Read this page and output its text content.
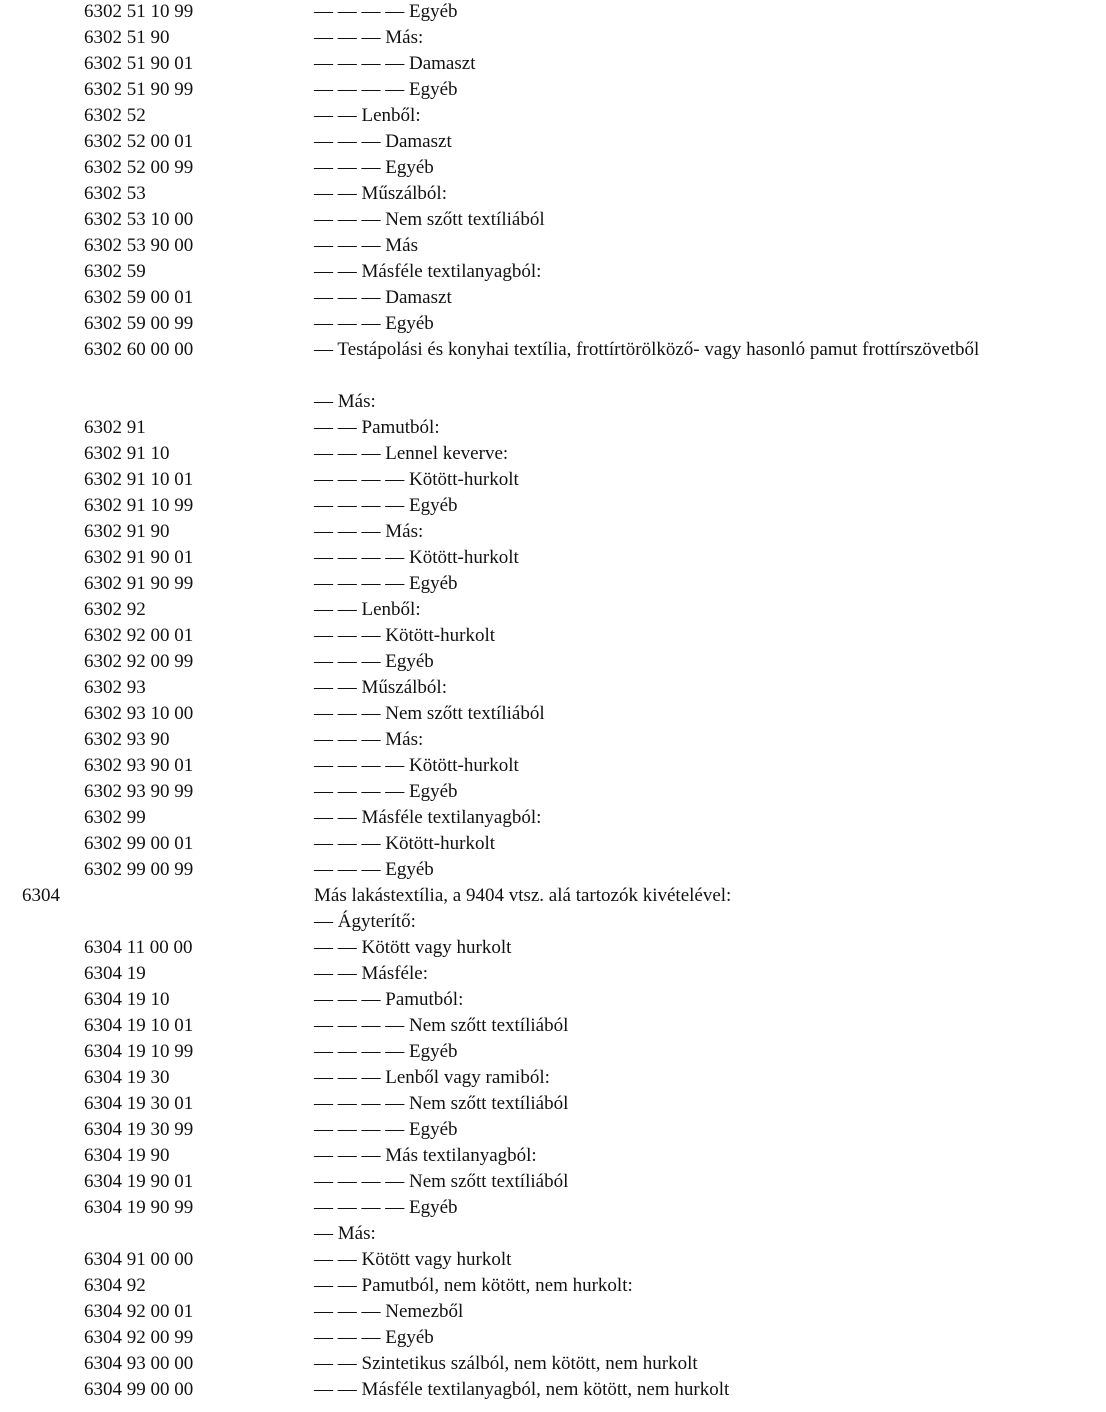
6302 51 10 99	— — — — Egyéb
6302 51 90	— — — Más:
6302 51 90 01	— — — — Damaszt
6302 51 90 99	— — — — Egyéb
6302 52	— — Lenből:
6302 52 00 01	— — — Damaszt
6302 52 00 99	— — — Egyéb
6302 53	— — Műszálból:
6302 53 10 00	— — — Nem szőtt textíliából
6302 53 90 00	— — — Más
6302 59	— — Másféle textilanyagból:
6302 59 00 01	— — — Damaszt
6302 59 00 99	— — — Egyéb
6302 60 00 00	— Testápolási és konyhai textília, frottírtörölköző- vagy hasonló pamut frottírszövetből
— Más:
6302 91	— — Pamutból:
6302 91 10	— — — Lennel keverve:
6302 91 10 01	— — — — Kötött-hurkolt
6302 91 10 99	— — — — Egyéb
6302 91 90	— — — Más:
6302 91 90 01	— — — — Kötött-hurkolt
6302 91 90 99	— — — — Egyéb
6302 92	— — Lenből:
6302 92 00 01	— — — Kötött-hurkolt
6302 92 00 99	— — — Egyéb
6302 93	— — Műszálból:
6302 93 10 00	— — — Nem szőtt textíliából
6302 93 90	— — — Más:
6302 93 90 01	— — — — Kötött-hurkolt
6302 93 90 99	— — — — Egyéb
6302 99	— — Másféle textilanyagból:
6302 99 00 01	— — — Kötött-hurkolt
6302 99 00 99	— — — Egyéb
6304	Más lakástextília, a 9404 vtsz. alá tartozók kivételével:
— Ágyterítő:
6304 11 00 00	— — Kötött vagy hurkolt
6304 19	— — Másféle:
6304 19 10	— — — Pamutból:
6304 19 10 01	— — — — Nem szőtt textíliából
6304 19 10 99	— — — — Egyéb
6304 19 30	— — — Lenből vagy ramiból:
6304 19 30 01	— — — — Nem szőtt textíliából
6304 19 30 99	— — — — Egyéb
6304 19 90	— — — Más textilanyagból:
6304 19 90 01	— — — — Nem szőtt textíliából
6304 19 90 99	— — — — Egyéb
— Más:
6304 91 00 00	— — Kötött vagy hurkolt
6304 92	— — Pamutból, nem kötött, nem hurkolt:
6304 92 00 01	— — — Nemezből
6304 92 00 99	— — — Egyéb
6304 93 00 00	— — Szintetikus szálból, nem kötött, nem hurkolt
6304 99 00 00	— — Másféle textilanyagból, nem kötött, nem hurkolt
